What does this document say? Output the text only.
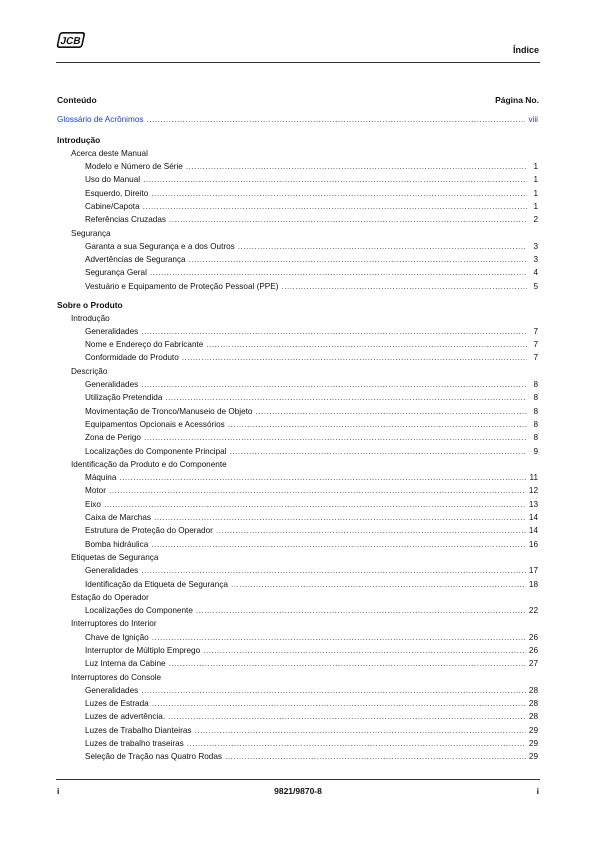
JCB
Índice
Conteúdo	Página No.
Glossário de Acrônimos .....	viii
Introdução
Acerca deste Manual
Modelo e Número de Série .....	1
Uso do Manual .....	1
Esquerdo, Direito .....	1
Cabine/Capota .....	1
Referências Cruzadas .....	2
Segurança
Garanta a sua Segurança e a dos Outros .....	3
Advertências de Segurança .....	3
Segurança Geral .....	4
Vestuário e Equipamento de Proteção Pessoal (PPE) .....	5
Sobre o Produto
Introdução
Generalidades .....	7
Nome e Endereço do Fabricante .....	7
Conformidade do Produto .....	7
Descrição
Generalidades .....	8
Utilização Pretendida .....	8
Movimentação de Tronco/Manuseio de Objeto .....	8
Equipamentos Opcionais e Acessórios .....	8
Zona de Perigo .....	8
Localizações do Componente Principal .....	9
Identificação da Produto e do Componente
Máquina .....	11
Motor .....	12
Eixo .....	13
Caixa de Marchas .....	14
Estrutura de Proteção do Operador .....	14
Bomba hidráulica .....	16
Etiquetas de Segurança
Generalidades .....	17
Identificação da Etiqueta de Segurança .....	18
Estação do Operador
Localizações do Componente .....	22
Interruptores do Interior
Chave de Ignição .....	26
Interruptor de Múltiplo Emprego .....	26
Luz Interna da Cabine .....	27
Interruptores do Console
Generalidades .....	28
Luzes de Estrada .....	28
Luzes de advertência. .....	28
Luzes de Trabalho Dianteiras .....	29
Luzes de trabalho traseiras .....	29
Seleção de Tração nas Quatro Rodas .....	29
i	9821/9870-8	i
